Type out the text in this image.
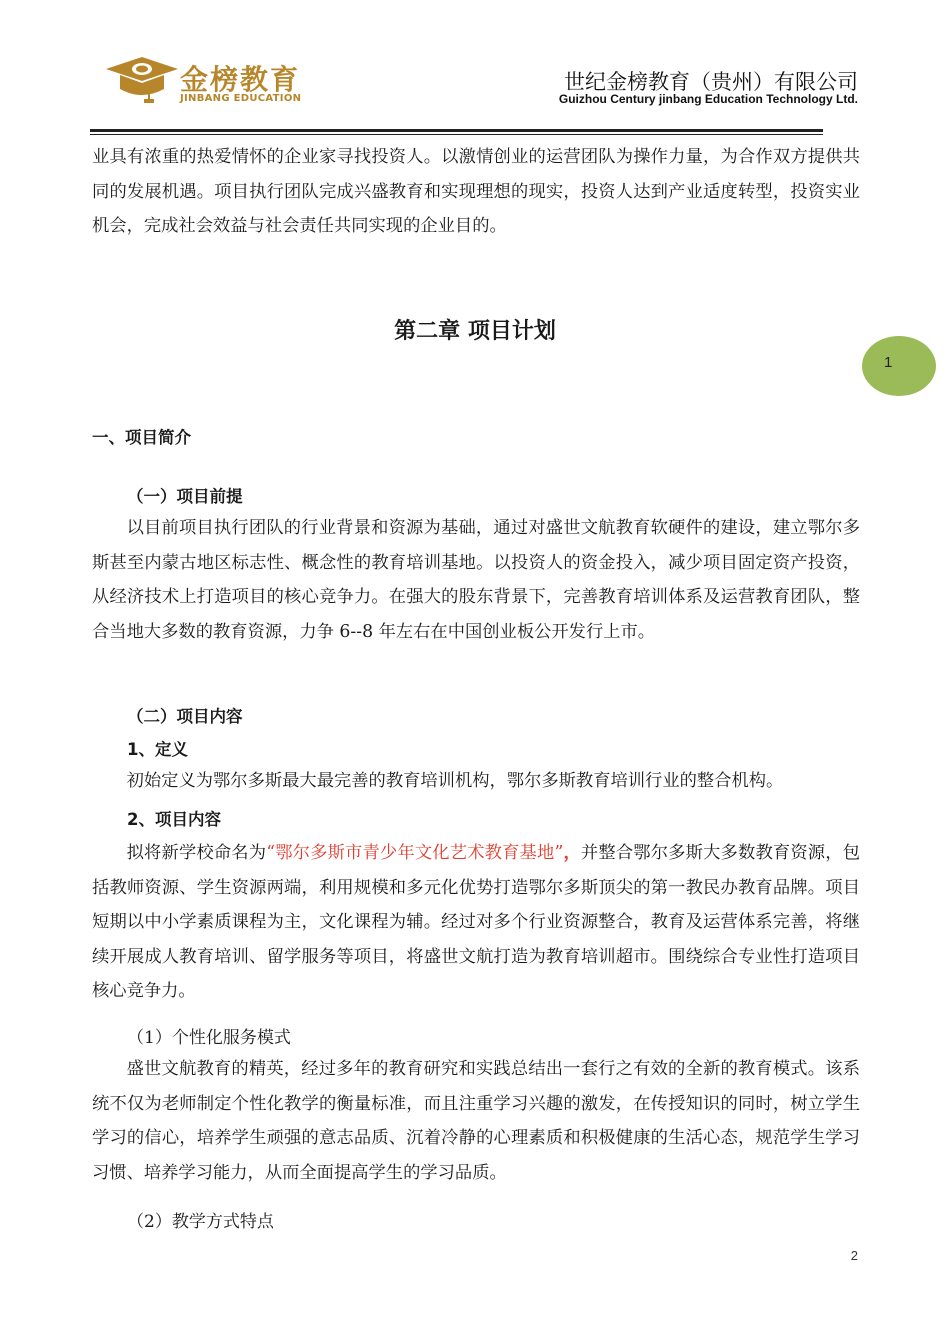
金榜教育
JINBANG EDUCATION
世纪金榜教育（贵州）有限公司
Guizhou Century jinbang Education Technology Ltd.

业具有浓重的热爱情怀的企业家寻找投资人。以激情创业的运营团队为操作力量，为合作双方提供共同的发展机遇。项目执行团队完成兴盛教育和实现理想的现实，投资人达到产业适度转型，投资实业机会，完成社会效益与社会责任共同实现的企业目的。

第二章 项目计划
1
一、项目简介
（一）项目前提

以目前项目执行团队的行业背景和资源为基础，通过对盛世文航教育软硬件的建设，建立鄂尔多斯甚至内蒙古地区标志性、概念性的教育培训基地。以投资人的资金投入，减少项目固定资产投资，从经济技术上打造项目的核心竞争力。在强大的股东背景下，完善教育培训体系及运营教育团队，整合当地大多数的教育资源，力争 6--8 年左右在中国创业板公开发行上市。

（二）项目内容
1、定义

初始定义为鄂尔多斯最大最完善的教育培训机构，鄂尔多斯教育培训行业的整合机构。

2、项目内容

拟将新学校命名为“鄂尔多斯市青少年文化艺术教育基地”，并整合鄂尔多斯大多数教育资源，包括教师资源、学生资源两端，利用规模和多元化优势打造鄂尔多斯顶尖的第一教民办教育品牌。项目短期以中小学素质课程为主，文化课程为辅。经过对多个行业资源整合，教育及运营体系完善，将继续开展成人教育培训、留学服务等项目，将盛世文航打造为教育培训超市。围绕综合专业性打造项目核心竞争力。

（1）个性化服务模式

盛世文航教育的精英，经过多年的教育研究和实践总结出一套行之有效的全新的教育模式。该系统不仅为老师制定个性化教学的衡量标准，而且注重学习兴趣的激发，在传授知识的同时，树立学生学习的信心，培养学生顽强的意志品质、沉着冷静的心理素质和积极健康的生活心态，规范学生学习习惯、培养学习能力，从而全面提高学生的学习品质。

（2）教学方式特点
2
